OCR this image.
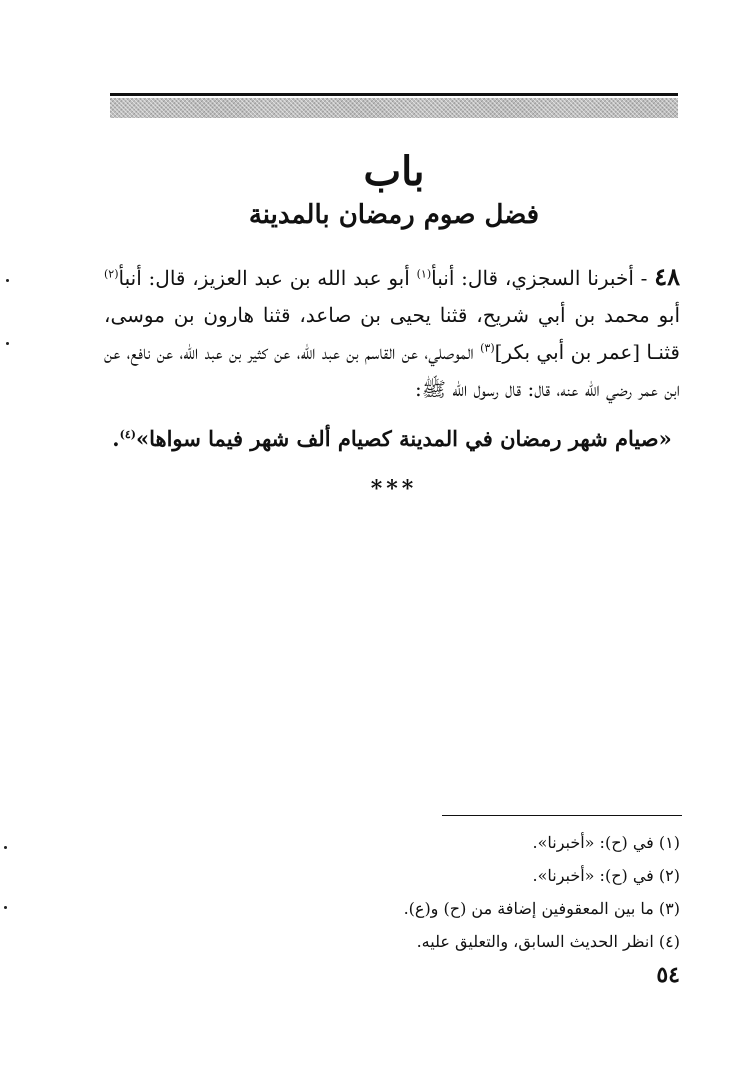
باب
فضل صوم رمضان بالمدينة

٤٨ - أخبرنا السجزي، قال: أنبأ$^{(١)}$ أبو عبد الله بن عبد العزيز، قال: أنبأ$^{(٢)}$ أبو محمد بن أبي شريح، قثنا يحيى بن صاعد، قثنا هارون بن موسى، قثنـا [عمر بن أبي بكر]$^{(٣)}$ الموصلي، عن القاسم بن عبد الله، عن كثير بن عبد الله، عن نافع، عن ابن عمر رضي الله عنه، قال: قال رسول الله ﷺ:

«صيام شهر رمضان في المدينة كصيام ألف شهر فيما سواها»$^{(٤)}$.

***
(١) في (ح): «أخبرنا».
(٢) في (ح): «أخبرنا».
(٣) ما بين المعقوفين إضافة من (ح) و(ع).
(٤) انظر الحديث السابق، والتعليق عليه.
٥٤
